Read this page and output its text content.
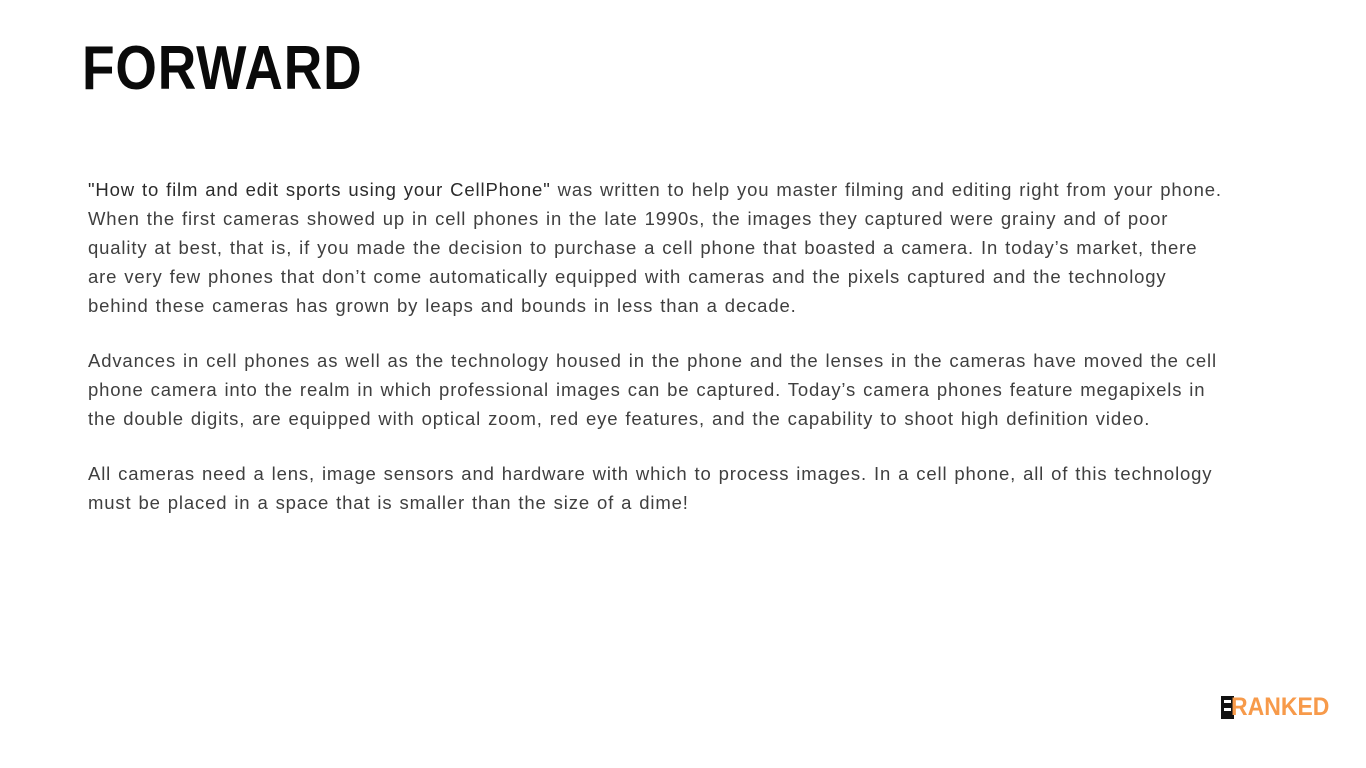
FORWARD

"How to film and edit sports using your CellPhone" was written to help you master filming and editing right from your phone. When the first cameras showed up in cell phones in the late 1990s, the images they captured were grainy and of poor quality at best, that is, if you made the decision to purchase a cell phone that boasted a camera. In today’s market, there are very few phones that don’t come automatically equipped with cameras and the pixels captured and the technology behind these cameras has grown by leaps and bounds in less than a decade.

Advances in cell phones as well as the technology housed in the phone and the lenses in the cameras have moved the cell phone camera into the realm in which professional images can be captured. Today’s camera phones feature megapixels in the double digits, are equipped with optical zoom, red eye features, and the capability to shoot high definition video.

All cameras need a lens, image sensors and hardware with which to process images. In a cell phone, all of this technology must be placed in a space that is smaller than the size of a dime!

RANKED
